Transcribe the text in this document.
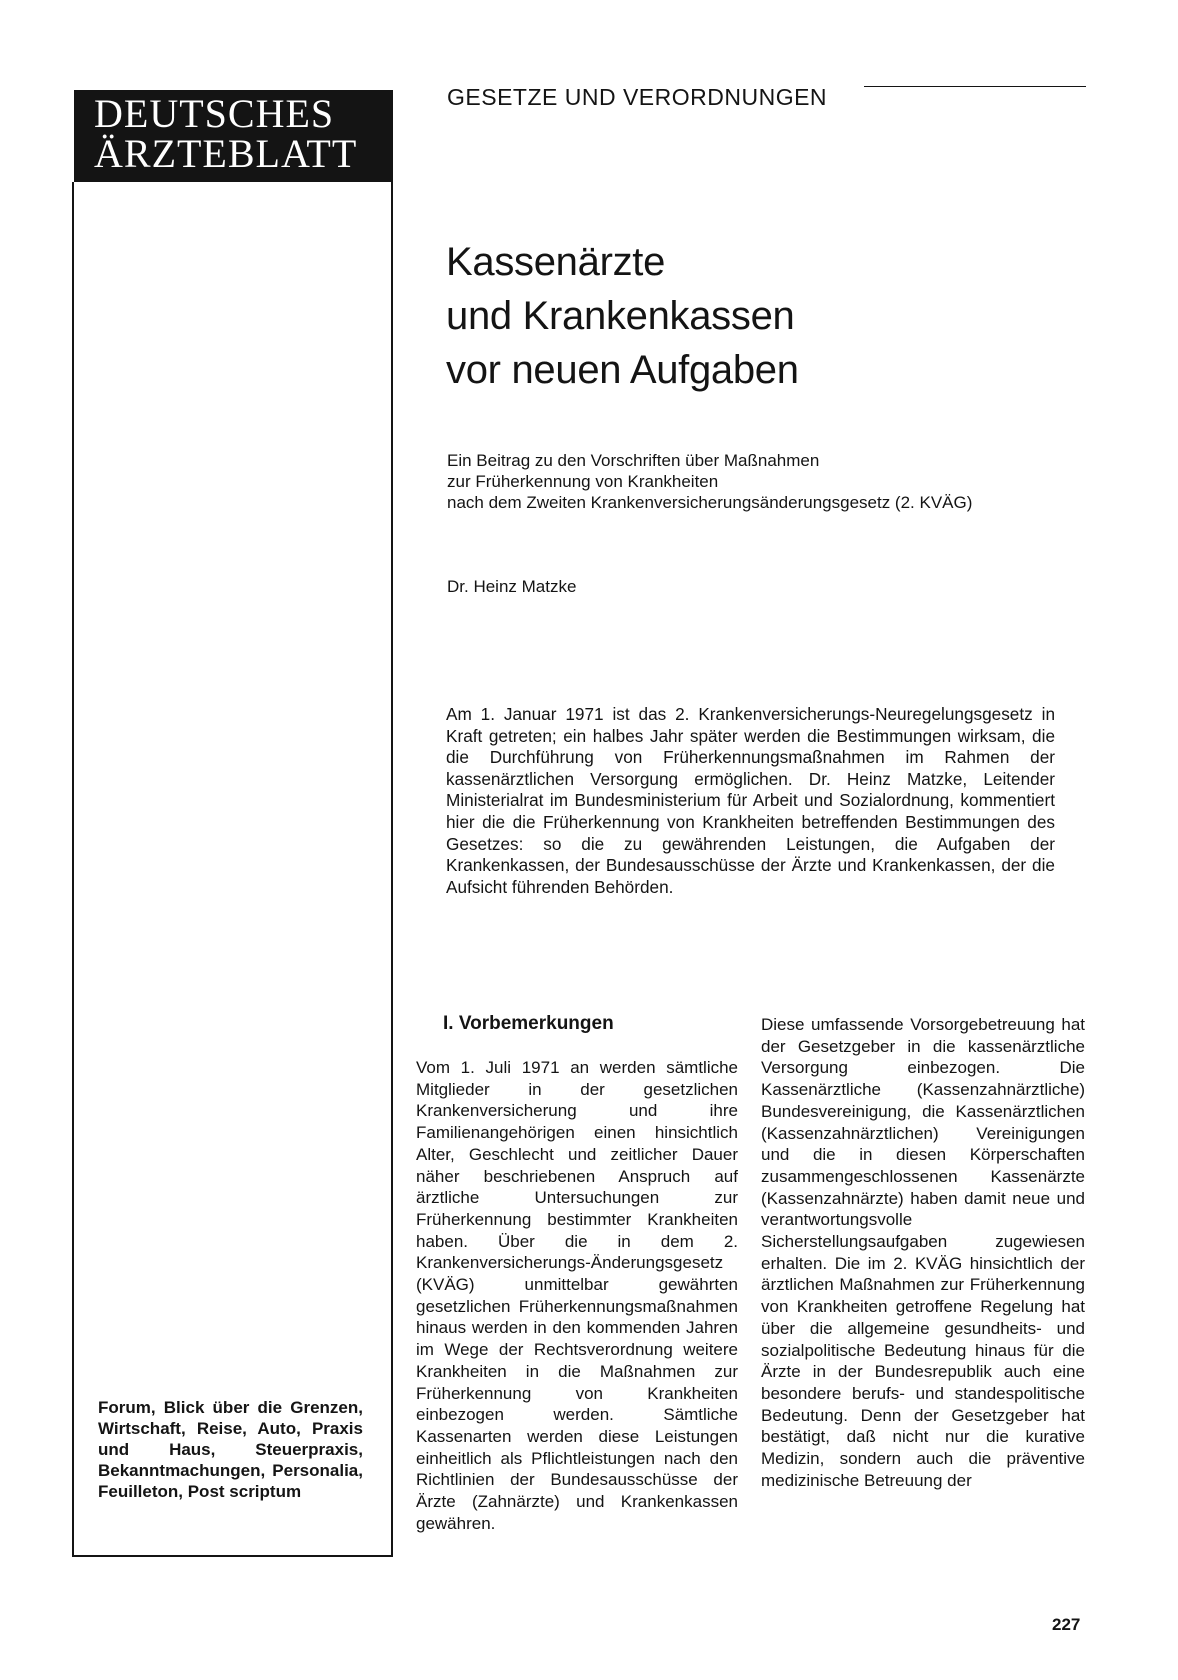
DEUTSCHES
ÄRZTEBLATT
Forum, Blick über die Grenzen, Wirtschaft, Reise, Auto, Praxis und Haus, Steuerpraxis, Bekanntmachungen, Personalia, Feuilleton, Post scriptum
GESETZE UND VERORDNUNGEN
Kassenärzte
und Krankenkassen
vor neuen Aufgaben
Ein Beitrag zu den Vorschriften über Maßnahmen
zur Früherkennung von Krankheiten
nach dem Zweiten Krankenversicherungsänderungsgesetz (2. KVÄG)
Dr. Heinz Matzke

Am 1. Januar 1971 ist das 2. Krankenversicherungs-Neuregelungsgesetz in Kraft getreten; ein halbes Jahr später werden die Bestimmungen wirksam, die die Durchführung von Früherkennungsmaßnahmen im Rahmen der kassenärztlichen Versorgung ermöglichen. Dr. Heinz Matzke, Leitender Ministerialrat im Bundesministerium für Arbeit und Sozialordnung, kommentiert hier die die Früherkennung von Krankheiten betreffenden Bestimmungen des Gesetzes: so die zu gewährenden Leistungen, die Aufgaben der Krankenkassen, der Bundesausschüsse der Ärzte und Krankenkassen, der die Aufsicht führenden Behörden.

I. Vorbemerkungen

Vom 1. Juli 1971 an werden sämtliche Mitglieder in der gesetzlichen Krankenversicherung und ihre Familienangehörigen einen hinsichtlich Alter, Geschlecht und zeitlicher Dauer näher beschriebenen Anspruch auf ärztliche Untersuchungen zur Früherkennung bestimmter Krankheiten haben. Über die in dem 2. Krankenversicherungs-Änderungsgesetz (KVÄG) unmittelbar gewährten gesetzlichen Früherkennungsmaßnahmen hinaus werden in den kommenden Jahren im Wege der Rechtsverordnung weitere Krankheiten in die Maßnahmen zur Früherkennung von Krankheiten einbezogen werden. Sämtliche Kassenarten werden diese Leistungen einheitlich als Pflichtleistungen nach den Richtlinien der Bundesausschüsse der Ärzte (Zahnärzte) und Krankenkassen gewähren.

Diese umfassende Vorsorgebetreuung hat der Gesetzgeber in die kassenärztliche Versorgung einbezogen. Die Kassenärztliche (Kassenzahnärztliche) Bundesvereinigung, die Kassenärztlichen (Kassenzahnärztlichen) Vereinigungen und die in diesen Körperschaften zusammengeschlossenen Kassenärzte (Kassenzahnärzte) haben damit neue und verantwortungsvolle Sicherstellungsaufgaben zugewiesen erhalten. Die im 2. KVÄG hinsichtlich der ärztlichen Maßnahmen zur Früherkennung von Krankheiten getroffene Regelung hat über die allgemeine gesundheits- und sozialpolitische Bedeutung hinaus für die Ärzte in der Bundesrepublik auch eine besondere berufs- und standespolitische Bedeutung. Denn der Gesetzgeber hat bestätigt, daß nicht nur die kurative Medizin, sondern auch die präventive medizinische Betreuung der

227
